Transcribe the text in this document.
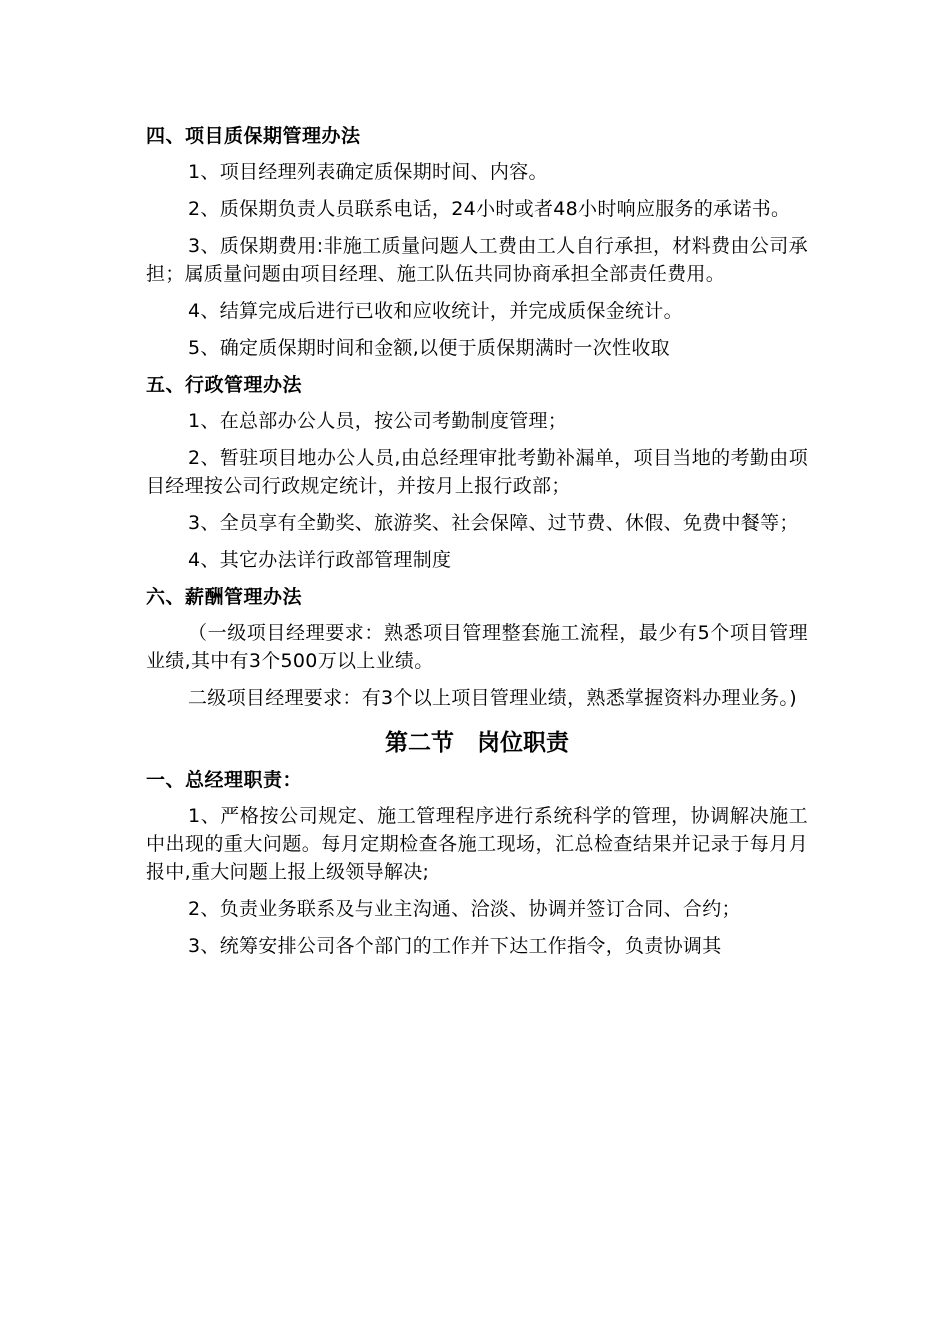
四、项目质保期管理办法

1、项目经理列表确定质保期时间、内容。

2、质保期负责人员联系电话，24小时或者48小时响应服务的承诺书。

3、质保期费用:非施工质量问题人工费由工人自行承担，材料费由公司承担；属质量问题由项目经理、施工队伍共同协商承担全部责任费用。

4、结算完成后进行已收和应收统计，并完成质保金统计。

5、确定质保期时间和金额,以便于质保期满时一次性收取

五、行政管理办法

1、在总部办公人员，按公司考勤制度管理；

2、暂驻项目地办公人员,由总经理审批考勤补漏单，项目当地的考勤由项目经理按公司行政规定统计，并按月上报行政部；

3、全员享有全勤奖、旅游奖、社会保障、过节费、休假、免费中餐等；

4、其它办法详行政部管理制度

六、薪酬管理办法

（一级项目经理要求：熟悉项目管理整套施工流程，最少有5个项目管理业绩,其中有3个500万以上业绩。

二级项目经理要求：有3个以上项目管理业绩，熟悉掌握资料办理业务。)

第二节　岗位职责
一、总经理职责：

1、严格按公司规定、施工管理程序进行系统科学的管理，协调解决施工中出现的重大问题。每月定期检查各施工现场，汇总检查结果并记录于每月月报中,重大问题上报上级领导解决;

2、负责业务联系及与业主沟通、洽淡、协调并签订合同、合约；

3、统筹安排公司各个部门的工作并下达工作指令，负责协调其
